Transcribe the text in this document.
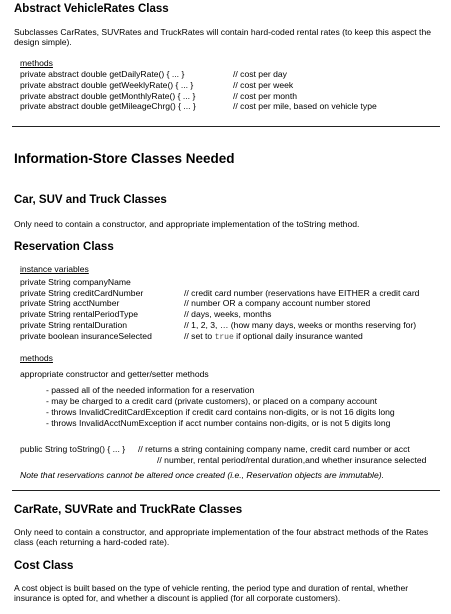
Abstract VehicleRates Class
Subclasses CarRates, SUVRates and TruckRates will contain hard-coded rental rates (to keep this aspect the design simple).
methods
private abstract double getDailyRate() { ... }	// cost per day
private abstract double getWeeklyRate() { ... }	// cost per week
private abstract double getMonthlyRate() { ... }	// cost per month
private abstract double getMileageChrg() { ... }	// cost per mile, based on vehicle type
Information-Store Classes Needed
Car, SUV and Truck Classes
Only need to contain a constructor, and appropriate implementation of the toString method.
Reservation Class
instance variables
private String companyName
private String creditCardNumber	// credit card number (reservations have EITHER a credit card
private String acctNumber	// number OR a company account number stored
private String rentalPeriodType	// days, weeks, months
private String rentalDuration	// 1, 2, 3, … (how many days, weeks or months reserving for)
private boolean insuranceSelected	// set to true if optional daily insurance wanted
methods
appropriate constructor and getter/setter methods
- passed all of the needed information for a reservation
- may be charged to a credit card (private customers), or placed on a company account
- throws InvalidCreditCardException if credit card contains non-digits, or is not 16 digits long
- throws InvalidAcctNumException if acct number contains non-digits, or is not 5 digits long
public String toString() { ... } // returns a string containing company name, credit card number or acct
// number, rental period/rental duration,and whether insurance selected
Note that reservations cannot be altered once created (i.e., Reservation objects are immutable).
CarRate, SUVRate and TruckRate Classes
Only need to contain a constructor, and appropriate implementation of the four abstract methods of the Rates class (each returning a hard-coded rate).
Cost Class
A cost object is built based on the type of vehicle renting, the period type and duration of rental, whether insurance is opted for, and whether a discount is applied (for all corporate customers).
